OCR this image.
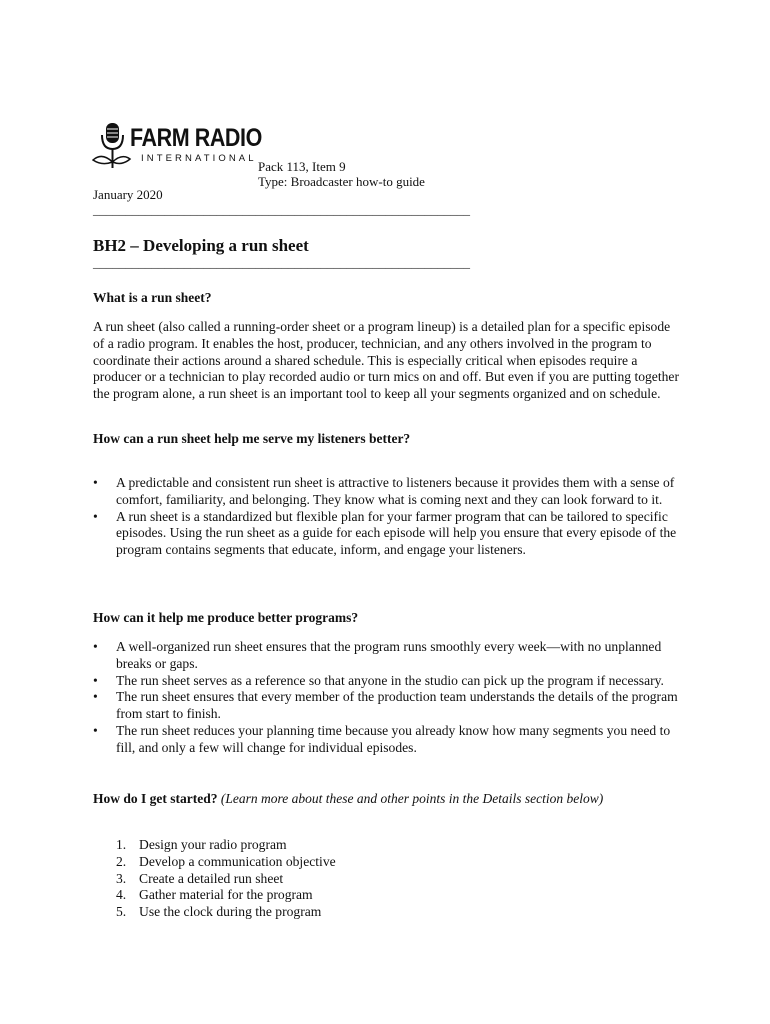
FARM RADIO
INTERNATIONAL
Pack 113, Item 9
Type: Broadcaster how-to guide
January 2020
__________________________________________________________
BH2 – Developing a run sheet
__________________________________________________________
What is a run sheet?

A run sheet (also called a running-order sheet or a program lineup) is a detailed plan for a specific episode of a radio program. It enables the host, producer, technician, and any others involved in the program to coordinate their actions around a shared schedule. This is especially critical when episodes require a producer or a technician to play recorded audio or turn mics on and off. But even if you are putting together the program alone, a run sheet is an important tool to keep all your segments organized and on schedule.

How can a run sheet help me serve my listeners better?
• A predictable and consistent run sheet is attractive to listeners because it provides them with a sense of comfort, familiarity, and belonging. They know what is coming next and they can look forward to it.
• A run sheet is a standardized but flexible plan for your farmer program that can be tailored to specific episodes. Using the run sheet as a guide for each episode will help you ensure that every episode of the program contains segments that educate, inform, and engage your listeners.
How can it help me produce better programs?
• A well-organized run sheet ensures that the program runs smoothly every week—with no unplanned breaks or gaps.
• The run sheet serves as a reference so that anyone in the studio can pick up the program if necessary.
• The run sheet ensures that every member of the production team understands the details of the program from start to finish.
• The run sheet reduces your planning time because you already know how many segments you need to fill, and only a few will change for individual episodes.
How do I get started? (Learn more about these and other points in the Details section below)
1. Design your radio program
2. Develop a communication objective
3. Create a detailed run sheet
4. Gather material for the program
5. Use the clock during the program
